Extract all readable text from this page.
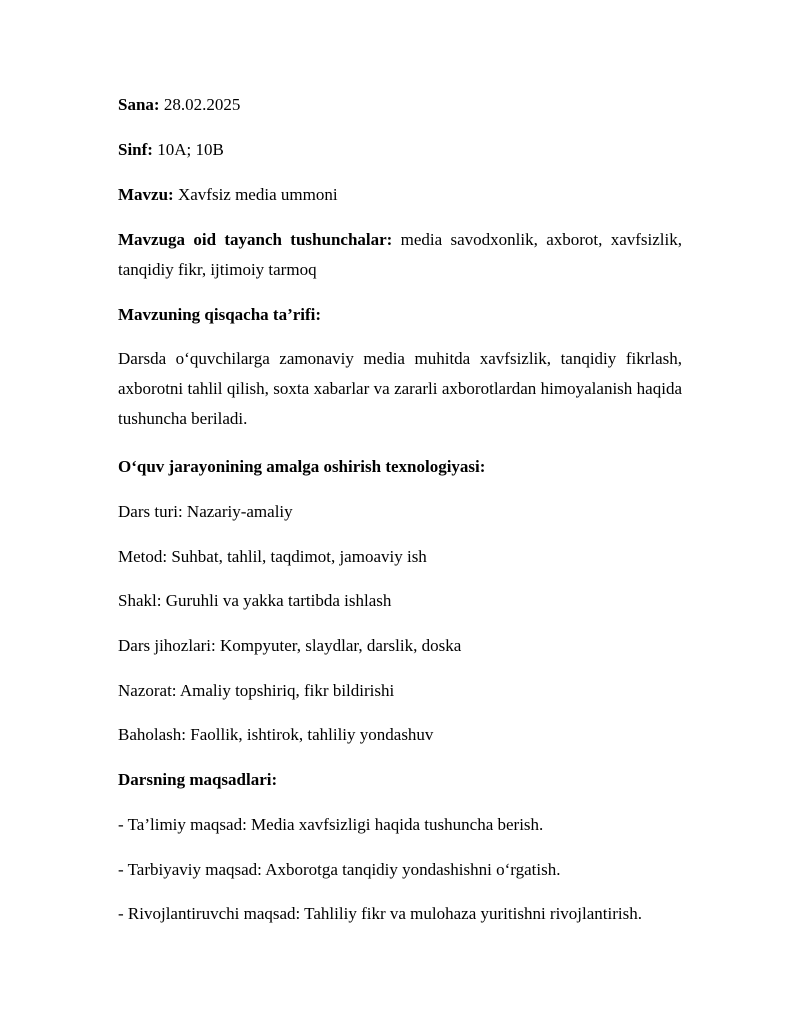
Sana: 28.02.2025

Sinf: 10A; 10B

Mavzu: Xavfsiz media ummoni

Mavzuga oid tayanch tushunchalar: media savodxonlik, axborot, xavfsizlik, tanqidiy fikr, ijtimoiy tarmoq

Mavzuning qisqacha ta’rifi:

Darsda o‘quvchilarga zamonaviy media muhitda xavfsizlik, tanqidiy fikrlash, axborotni tahlil qilish, soxta xabarlar va zararli axborotlardan himoyalanish haqida tushuncha beriladi.

O‘quv jarayonining amalga oshirish texnologiyasi:

Dars turi: Nazariy-amaliy

Metod: Suhbat, tahlil, taqdimot, jamoaviy ish

Shakl: Guruhli va yakka tartibda ishlash

Dars jihozlari: Kompyuter, slaydlar, darslik, doska

Nazorat: Amaliy topshiriq, fikr bildirishi

Baholash: Faollik, ishtirok, tahliliy yondashuv

Darsning maqsadlari:

- Ta’limiy maqsad: Media xavfsizligi haqida tushuncha berish.

- Tarbiyaviy maqsad: Axborotga tanqidiy yondashishni o‘rgatish.

- Rivojlantiruvchi maqsad: Tahliliy fikr va mulohaza yuritishni rivojlantirish.
